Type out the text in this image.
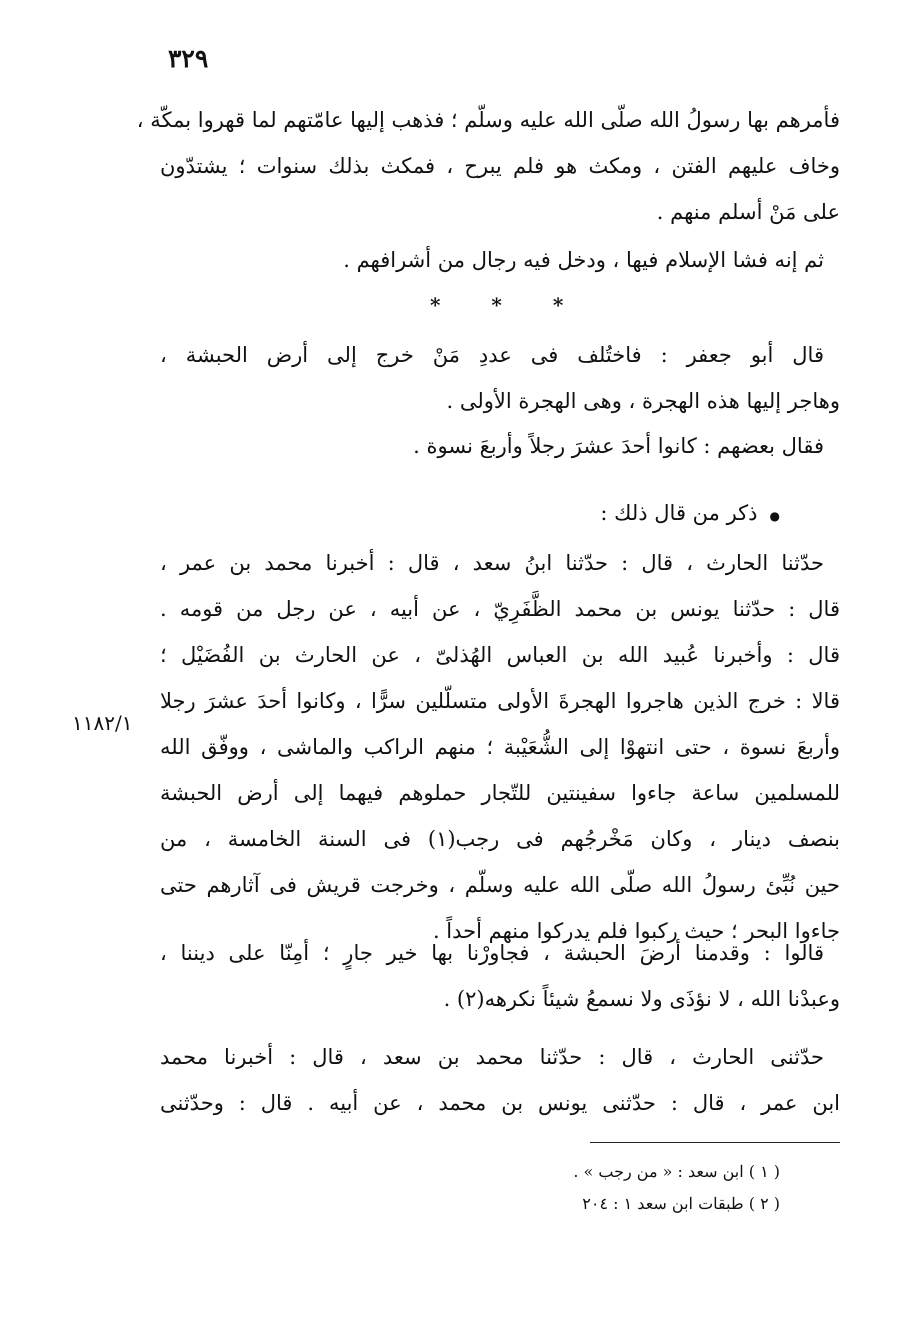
٣٢٩
فأمرهم بها رسولُ الله صلّى الله عليه وسلّم ؛ فذهب إليها عامّتهم لما قهروا بمكّة ،
وخاف عليهم الفتن ، ومكث هو فلم يبرح ، فمكث بذلك سنوات ؛ يشتدّون
على مَنْ أسلم منهم .
ثم إنه فشا الإسلام فيها ، ودخل فيه رجال من أشرافهم .
* * *
قال أبو جعفر : فاختُلف فى عددِ مَنْ خرج إلى أرض الحبشة ،
وهاجر إليها هذه الهجرة ، وهى الهجرة الأولى .
فقال بعضهم : كانوا أحدَ عشرَ رجلاً وأربعَ نسوة .
●ذكر من قال ذلك :
حدّثنا الحارث ، قال : حدّثنا ابنُ سعد ، قال : أخبرنا محمد بن عمر ،
قال : حدّثنا يونس بن محمد الظَّفَرِيّ ، عن أبيه ، عن رجل من قومه .
قال : وأخبرنا عُبيد الله بن العباس الهُذلىّ ، عن الحارث بن الفُضَيْل ؛
قالا : خرج الذين هاجروا الهجرةَ الأولى متسلّلين سرًّا ، وكانوا أحدَ عشرَ رجلا
وأربعَ نسوة ، حتى انتهوْا إلى الشُّعَيْبة ؛ منهم الراكب والماشى ، ووفّق الله
للمسلمين ساعة جاءوا سفينتين للتّجار حملوهم فيهما إلى أرض الحبشة
بنصف دينار ، وكان مَخْرجُهم فى رجب(١) فى السنة الخامسة ، من
حين نُبِّئ رسولُ الله صلّى الله عليه وسلّم ، وخرجت قريش فى آثارهم حتى
جاءوا البحر ؛ حيث ركبوا فلم يدركوا منهم أحداً .
١١٨٢/١
قالوا : وقدمنا أرضَ الحبشة ، فجاورْنا بها خير جارٍ ؛ أمِنّا على ديننا ،
وعبدْنا الله ، لا نؤذَى ولا نسمعُ شيئاً نكرهه(٢) .
حدّثنى الحارث ، قال : حدّثنا محمد بن سعد ، قال : أخبرنا محمد
ابن عمر ، قال : حدّثنى يونس بن محمد ، عن أبيه . قال : وحدّثنى
( ١ ) ابن سعد : « من رجب » .
( ٢ ) طبقات ابن سعد ١ : ٢٠٤
